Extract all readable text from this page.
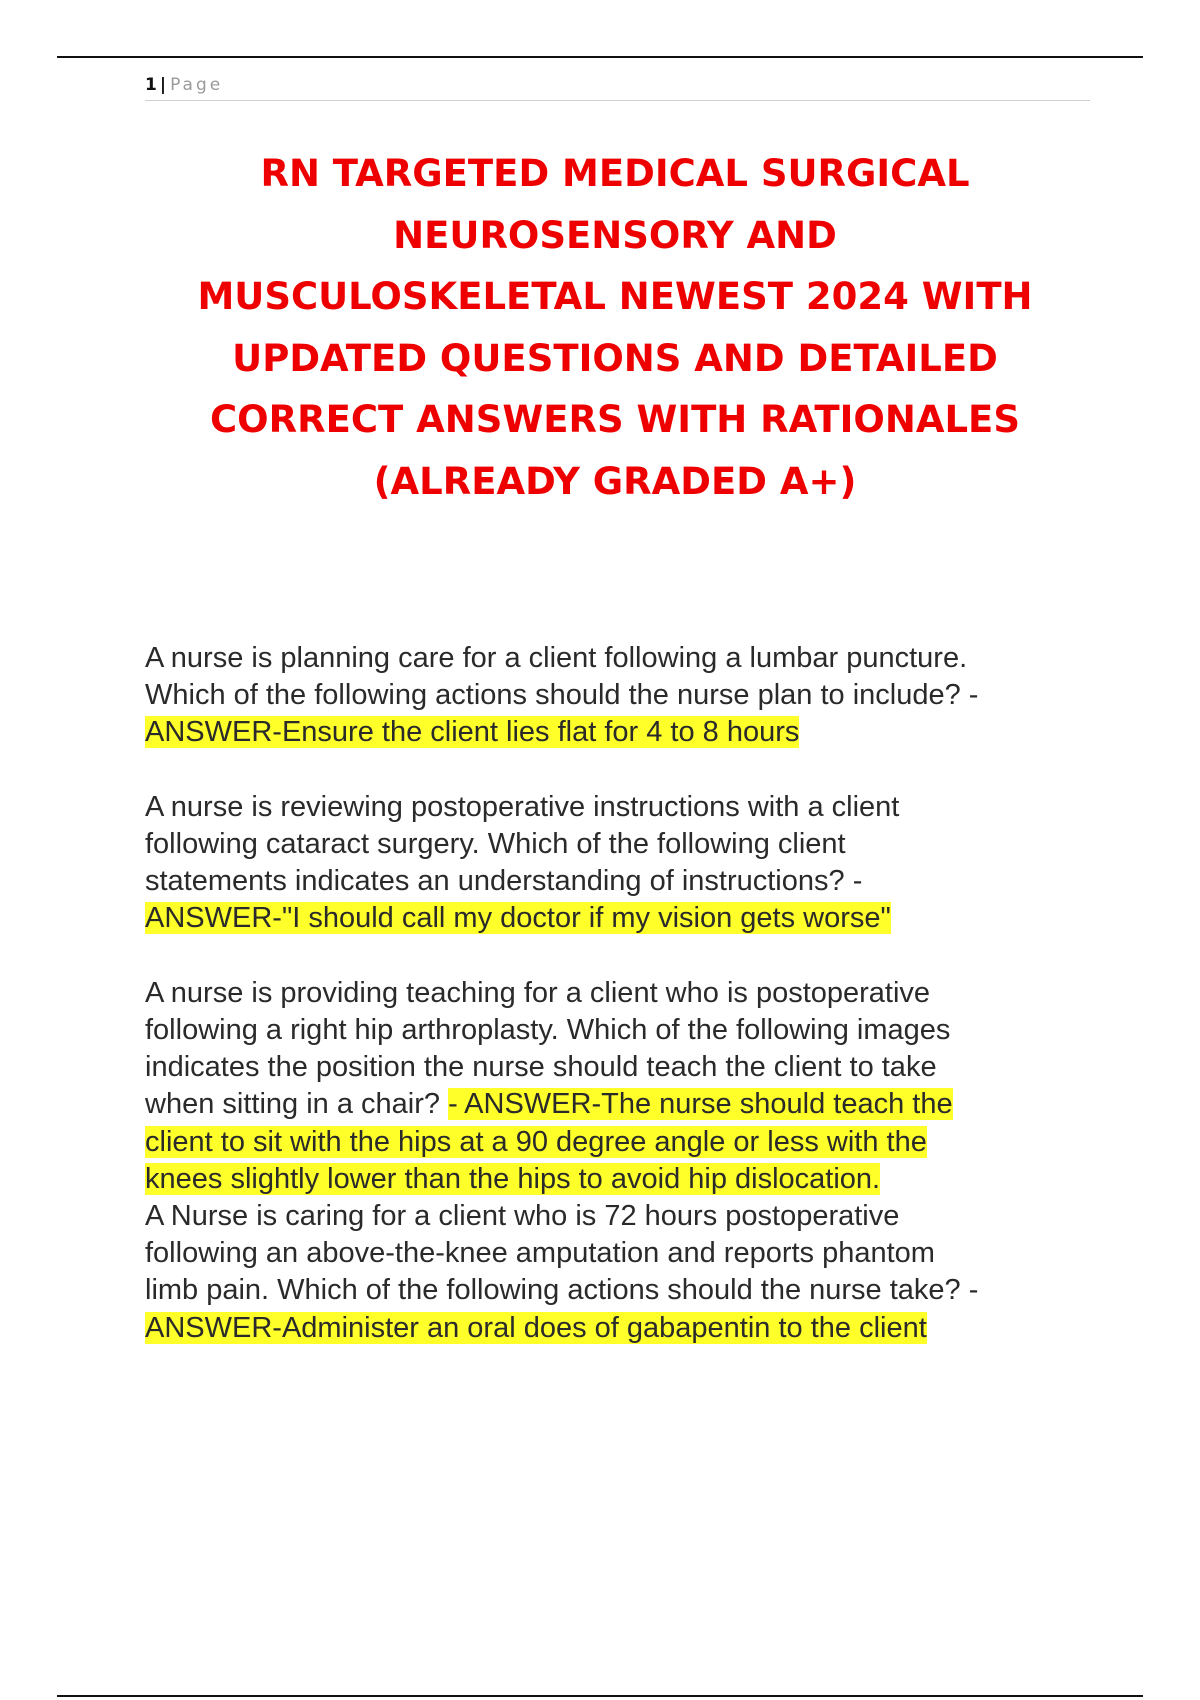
1 | Page
RN TARGETED MEDICAL SURGICAL
NEUROSENSORY AND
MUSCULOSKELETAL NEWEST 2024 WITH
UPDATED QUESTIONS AND DETAILED
CORRECT ANSWERS WITH RATIONALES
(ALREADY GRADED A+)
A nurse is planning care for a client following a lumbar puncture.
Which of the following actions should the nurse plan to include? -
ANSWER-Ensure the client lies flat for 4 to 8 hours
A nurse is reviewing postoperative instructions with a client
following cataract surgery. Which of the following client
statements indicates an understanding of instructions? -
ANSWER-"I should call my doctor if my vision gets worse"
A nurse is providing teaching for a client who is postoperative
following a right hip arthroplasty. Which of the following images
indicates the position the nurse should teach the client to take
when sitting in a chair? - ANSWER-The nurse should teach the
client to sit with the hips at a 90 degree angle or less with the
knees slightly lower than the hips to avoid hip dislocation.
A Nurse is caring for a client who is 72 hours postoperative
following an above-the-knee amputation and reports phantom
limb pain. Which of the following actions should the nurse take? -
ANSWER-Administer an oral does of gabapentin to the client
